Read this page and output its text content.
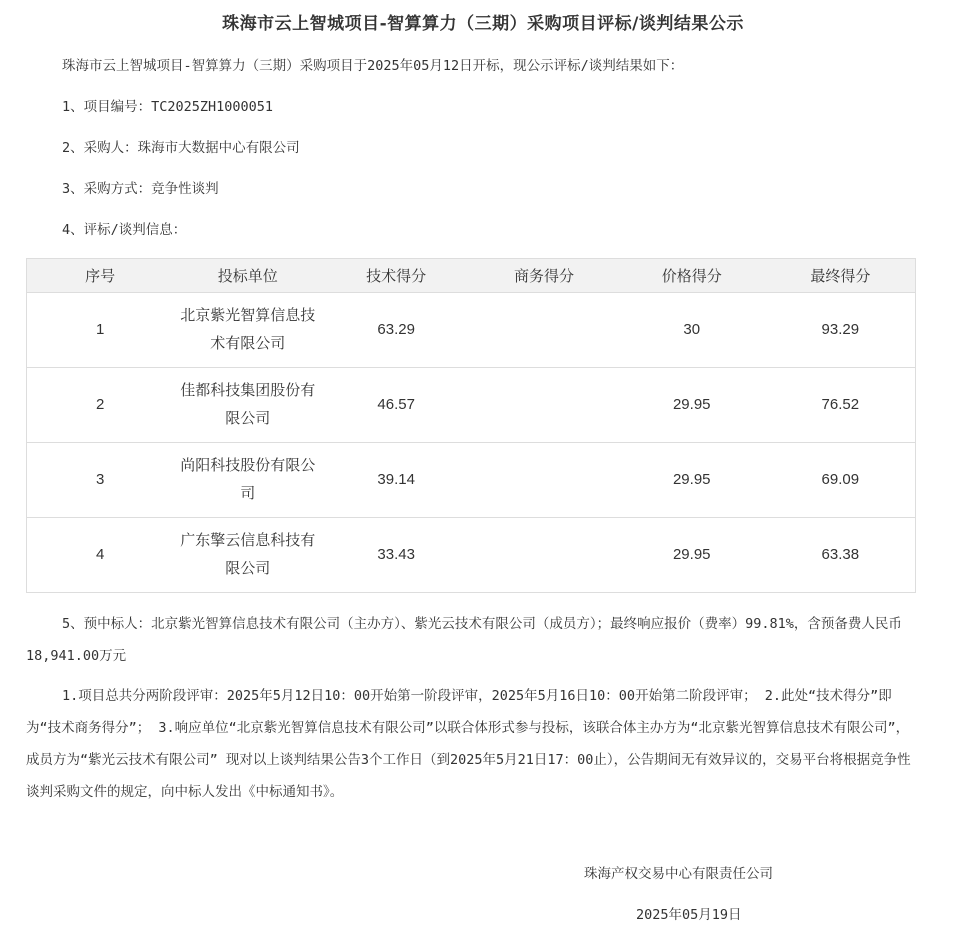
珠海市云上智城项目-智算算力（三期）采购项目评标/谈判结果公示
珠海市云上智城项目-智算算力（三期）采购项目于2025年05月12日开标，现公示评标/谈判结果如下：
1、项目编号：TC2025ZH1000051
2、采购人：珠海市大数据中心有限公司
3、采购方式：竞争性谈判
4、评标/谈判信息：
序号	投标单位	技术得分	商务得分	价格得分	最终得分
1	北京紫光智算信息技术有限公司	63.29		30	93.29
2	佳都科技集团股份有限公司	46.57		29.95	76.52
3	尚阳科技股份有限公司	39.14		29.95	69.09
4	广东擎云信息科技有限公司	33.43		29.95	63.38
5、预中标人：北京紫光智算信息技术有限公司（主办方）、紫光云技术有限公司（成员方）；最终响应报价（费率）99.81%，含预备费人民币18,941.00万元
1.项目总共分两阶段评审：2025年5月12日10：00开始第一阶段评审，2025年5月16日10：00开始第二阶段评审； 2.此处“技术得分”即为“技术商务得分”； 3.响应单位“北京紫光智算信息技术有限公司”以联合体形式参与投标，该联合体主办方为“北京紫光智算信息技术有限公司”，成员方为“紫光云技术有限公司” 现对以上谈判结果公告3个工作日（到2025年5月21日17：00止），公告期间无有效异议的，交易平台将根据竞争性谈判采购文件的规定，向中标人发出《中标通知书》。
珠海产权交易中心有限责任公司
2025年05月19日
